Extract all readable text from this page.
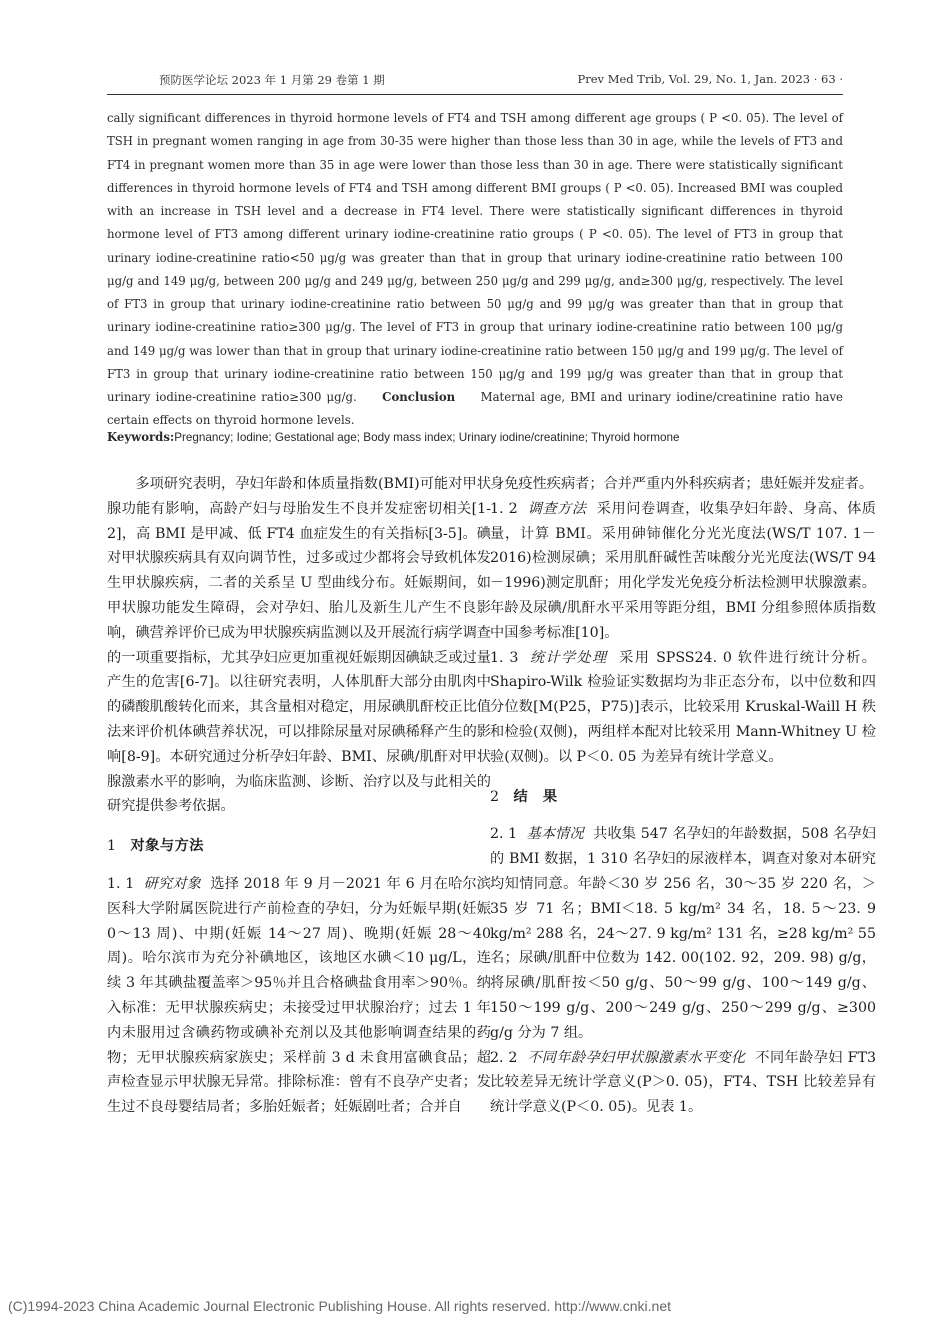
预防医学论坛 2023 年 1 月第 29 卷第 1 期	Prev Med Trib, Vol. 29, No. 1, Jan. 2023 · 63 ·
cally significant differences in thyroid hormone levels of FT4 and TSH among different age groups ( P <0. 05). The level of TSH in pregnant women ranging in age from 30-35 were higher than those less than 30 in age, while the levels of FT3 and FT4 in pregnant women more than 35 in age were lower than those less than 30 in age. There were statistically significant differences in thyroid hormone levels of FT4 and TSH among different BMI groups ( P <0. 05). Increased BMI was coupled with an increase in TSH level and a decrease in FT4 level. There were statistically significant differences in thyroid hormone level of FT3 among different urinary iodine-creatinine ratio groups ( P <0. 05). The level of FT3 in group that urinary iodine-creatinine ratio<50 μg/g was greater than that in group that urinary iodine-creatinine ratio between 100 μg/g and 149 μg/g, between 200 μg/g and 249 μg/g, between 250 μg/g and 299 μg/g, and≥300 μg/g, respectively. The level of FT3 in group that urinary iodine-creatinine ratio between 50 μg/g and 99 μg/g was greater than that in group that urinary iodine-creatinine ratio≥300 μg/g. The level of FT3 in group that urinary iodine-creatinine ratio between 100 μg/g and 149 μg/g was lower than that in group that urinary iodine-creatinine ratio between 150 μg/g and 199 μg/g. The level of FT3 in group that urinary iodine-creatinine ratio between 150 μg/g and 199 μg/g was greater than that in group that urinary iodine-creatinine ratio≥300 μg/g. Conclusion Maternal age, BMI and urinary iodine/creatinine ratio have certain effects on thyroid hormone levels.
Keywords:Pregnancy; Iodine; Gestational age; Body mass index; Urinary iodine/creatinine; Thyroid hormone

多项研究表明，孕妇年龄和体质量指数(BMI)可能对甲状腺功能有影响，高龄产妇与母胎发生不良并发症密切相关[1-2]，高 BMI 是甲减、低 FT4 血症发生的有关指标[3-5]。碘对甲状腺疾病具有双向调节性，过多或过少都将会导致机体发生甲状腺疾病，二者的关系呈 U 型曲线分布。妊娠期间，如甲状腺功能发生障碍，会对孕妇、胎儿及新生儿产生不良影响，碘营养评价已成为甲状腺疾病监测以及开展流行病学调查的一项重要指标，尤其孕妇应更加重视妊娠期因碘缺乏或过量产生的危害[6-7]。以往研究表明，人体肌酐大部分由肌肉中的磷酸肌酸转化而来，其含量相对稳定，用尿碘肌酐校正比值法来评价机体碘营养状况，可以排除尿量对尿碘稀释产生的影响[8-9]。本研究通过分析孕妇年龄、BMI、尿碘/肌酐对甲状腺激素水平的影响，为临床监测、诊断、治疗以及与此相关的研究提供参考依据。

1 对象与方法

1. 1 研究对象 选择 2018 年 9 月－2021 年 6 月在哈尔滨医科大学附属医院进行产前检查的孕妇，分为妊娠早期(妊娠 0～13 周)、中期(妊娠 14～27 周)、晚期(妊娠 28～40 周)。哈尔滨市为充分补碘地区，该地区水碘＜10 μg/L，连续 3 年其碘盐覆盖率＞95％并且合格碘盐食用率＞90％。纳入标准：无甲状腺疾病史；未接受过甲状腺治疗；过去 1 年内未服用过含碘药物或碘补充剂以及其他影响调查结果的药物；无甲状腺疾病家族史；采样前 3 d 未食用富碘食品；超声检查显示甲状腺无异常。排除标准：曾有不良孕产史者；发生过不良母婴结局者；多胎妊娠者；妊娠剧吐者；合并自

身免疫性疾病者；合并严重内外科疾病者；患妊娠并发症者。

1. 2 调查方法 采用问卷调查，收集孕妇年龄、身高、体质量，计算 BMI。采用砷铈催化分光光度法(WS/T 107. 1－2016)检测尿碘；采用肌酐碱性苦味酸分光光度法(WS/T 94－1996)测定肌酐；用化学发光免疫分析法检测甲状腺激素。年龄及尿碘/肌酐水平采用等距分组，BMI 分组参照体质指数中国参考标准[10]。

1. 3 统计学处理 采用 SPSS24. 0 软件进行统计分析。Shapiro-Wilk 检验证实数据均为非正态分布，以中位数和四分位数[M(P25，P75)]表示，比较采用 Kruskal-Waill H 秩和检验(双侧)，两组样本配对比较采用 Mann-Whitney U 检验(双侧)。以 P＜0. 05 为差异有统计学意义。

2 结　果

2. 1 基本情况 共收集 547 名孕妇的年龄数据，508 名孕妇的 BMI 数据，1 310 名孕妇的尿液样本，调查对象对本研究均知情同意。年龄＜30 岁 256 名，30～35 岁 220 名，＞35 岁 71 名；BMI＜18. 5 kg/m² 34 名，18. 5～23. 9 kg/m² 288 名，24～27. 9 kg/m² 131 名，≥28 kg/m² 55 名；尿碘/肌酐中位数为 142. 00(102. 92，209. 98) g/g，将尿碘/肌酐按＜50 g/g、50～99 g/g、100～149 g/g、150～199 g/g、200～249 g/g、250～299 g/g、≥300 g/g 分为 7 组。

2. 2 不同年龄孕妇甲状腺激素水平变化 不同年龄孕妇 FT3 比较差异无统计学意义(P＞0. 05)，FT4、TSH 比较差异有统计学意义(P＜0. 05)。见表 1。

(C)1994-2023 China Academic Journal Electronic Publishing House. All rights reserved. http://www.cnki.net
